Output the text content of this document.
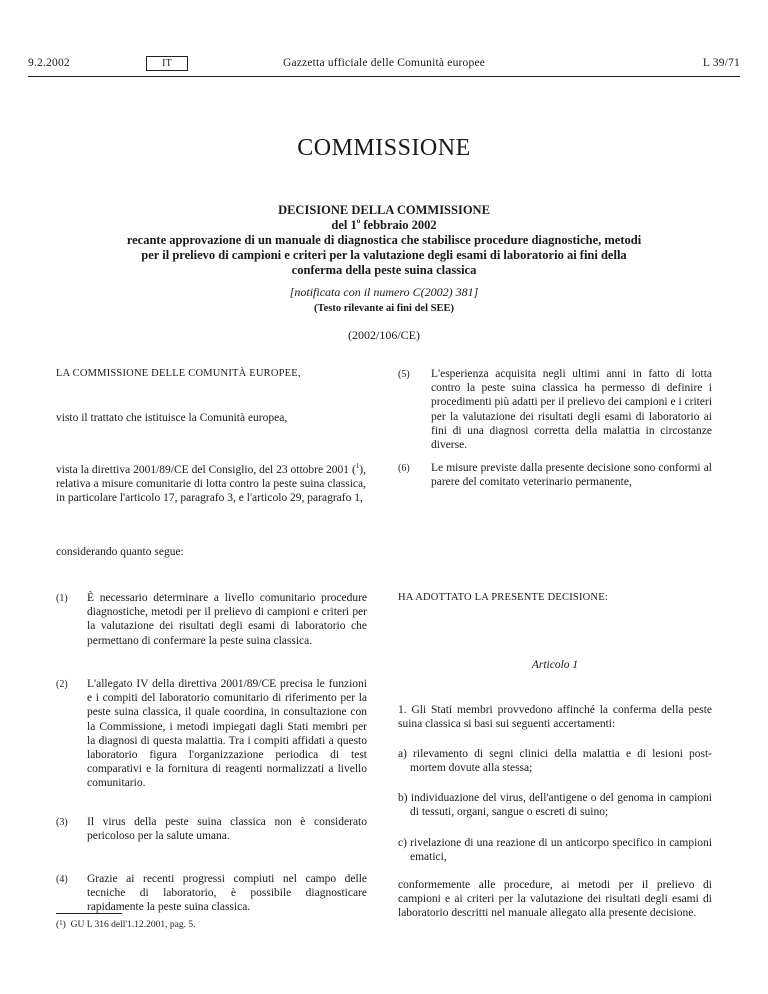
9.2.2002	IT	Gazzetta ufficiale delle Comunità europee	L 39/71
COMMISSIONE
DECISIONE DELLA COMMISSIONE
del 1$^o$ febbraio 2002
recante approvazione di un manuale di diagnostica che stabilisce procedure diagnostiche, metodi
per il prelievo di campioni e criteri per la valutazione degli esami di laboratorio ai fini della
conferma della peste suina classica
[notificata con il numero C(2002) 381]
(Testo rilevante ai fini del SEE)
(2002/106/CE)
LA COMMISSIONE DELLE COMUNITÀ EUROPEE,
visto il trattato che istituisce la Comunità europea,
vista la direttiva 2001/89/CE del Consiglio, del 23 ottobre 2001 ($^1$), relativa a misure comunitarie di lotta contro la peste suina classica, in particolare l'articolo 17, paragrafo 3, e l'articolo 29, paragrafo 1,
considerando quanto segue:
(1) È necessario determinare a livello comunitario procedure diagnostiche, metodi per il prelievo di campioni e criteri per la valutazione dei risultati degli esami di laboratorio che permettano di confermare la peste suina classica.
(2) L'allegato IV della direttiva 2001/89/CE precisa le funzioni e i compiti del laboratorio comunitario di riferimento per la peste suina classica, il quale coordina, in consultazione con la Commissione, i metodi impiegati dagli Stati membri per la diagnosi di questa malattia. Tra i compiti affidati a questo laboratorio figura l'organizzazione periodica di test comparativi e la fornitura di reagenti normalizzati a livello comunitario.
(3) Il virus della peste suina classica non è considerato pericoloso per la salute umana.
(4) Grazie ai recenti progressi compiuti nel campo delle tecniche di laboratorio, è possibile diagnosticare rapidamente la peste suina classica.
($^1$)  GU L 316 dell'1.12.2001, pag. 5.
(5) L'esperienza acquisita negli ultimi anni in fatto di lotta contro la peste suina classica ha permesso di definire i procedimenti più adatti per il prelievo dei campioni e i criteri per la valutazione dei risultati degli esami di laboratorio ai fini di una diagnosi corretta della malattia in circostanze diverse.
(6) Le misure previste dalla presente decisione sono conformi al parere del comitato veterinario permanente,
HA ADOTTATO LA PRESENTE DECISIONE:
Articolo 1
1. Gli Stati membri provvedono affinché la conferma della peste suina classica si basi sui seguenti accertamenti:
a) rilevamento di segni clinici della malattia e di lesioni post-mortem dovute alla stessa;
b) individuazione del virus, dell'antigene o del genoma in campioni di tessuti, organi, sangue o escreti di suino;
c) rivelazione di una reazione di un anticorpo specifico in campioni ematici,
conformemente alle procedure, ai metodi per il prelievo di campioni e ai criteri per la valutazione dei risultati degli esami di laboratorio descritti nel manuale allegato alla presente decisione.
